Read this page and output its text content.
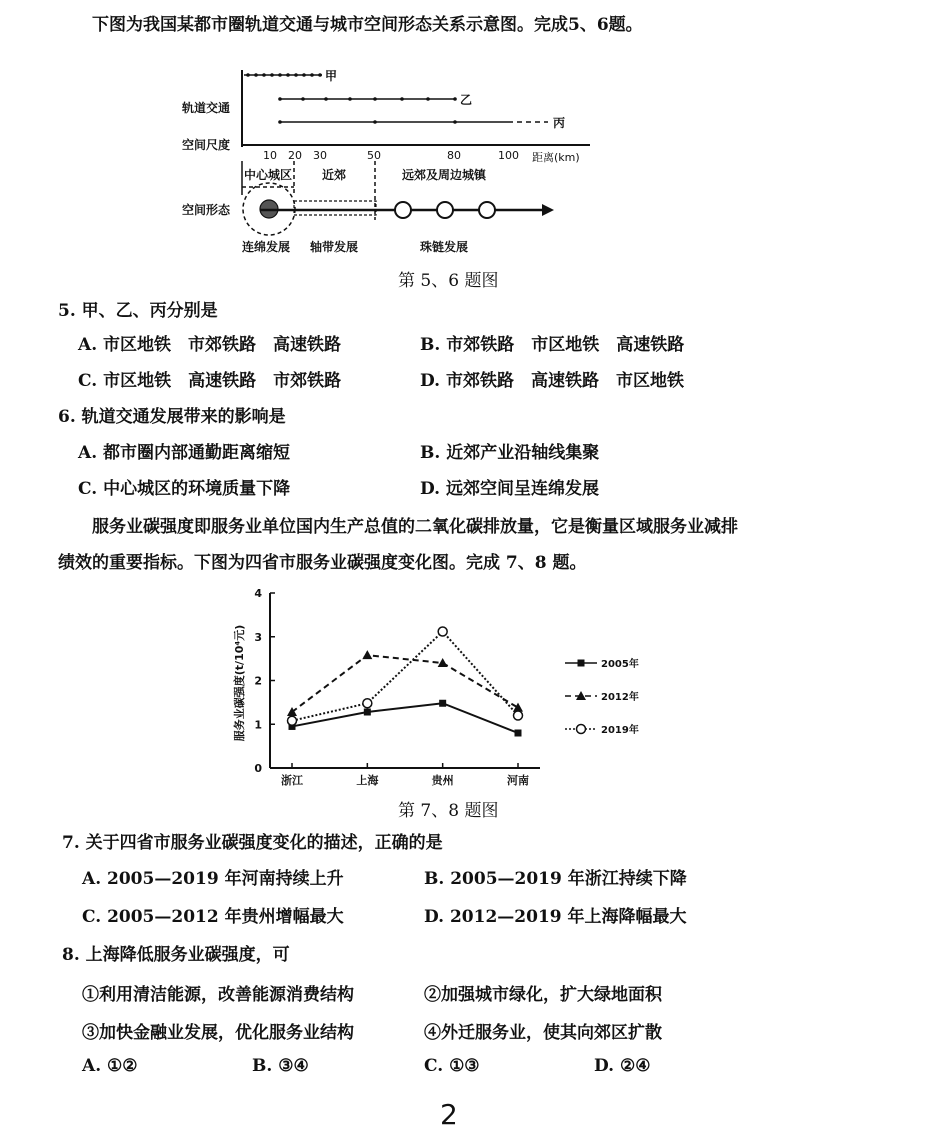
下图为我国某都市圈轨道交通与城市空间形态关系示意图。完成5、6题。
轨道交通
空间尺度
空间形态
甲
乙
丙
10 20 30	50	80	100 距离(km)
中心城区 近郊	远郊及周边城镇
连绵发展 轴带发展	珠链发展
第 5、6 题图
5. 甲、乙、丙分别是
A. 市区地铁　市郊铁路　高速铁路	B. 市郊铁路　市区地铁　高速铁路
C. 市区地铁　高速铁路　市郊铁路	D. 市郊铁路　高速铁路　市区地铁
6. 轨道交通发展带来的影响是
A. 都市圈内部通勤距离缩短	B. 近郊产业沿轴线集聚
C. 中心城区的环境质量下降	D. 远郊空间呈连绵发展
服务业碳强度即服务业单位国内生产总值的二氧化碳排放量，它是衡量区域服务业减排
绩效的重要指标。下图为四省市服务业碳强度变化图。完成 7、8 题。
0
1
2
3
4
浙江	上海	贵州	河南
2005年
2012年
2019年
服务业碳强度(t/10⁴元)
第 7、8 题图
7. 关于四省市服务业碳强度变化的描述，正确的是
A. 2005—2019 年河南持续上升	B. 2005—2019 年浙江持续下降
C. 2005—2012 年贵州增幅最大	D. 2012—2019 年上海降幅最大
8. 上海降低服务业碳强度，可
①利用清洁能源，改善能源消费结构	②加强城市绿化，扩大绿地面积
③加快金融业发展，优化服务业结构	④外迁服务业，使其向郊区扩散
A. ①②	B. ③④	C. ①③	D. ②④
2
